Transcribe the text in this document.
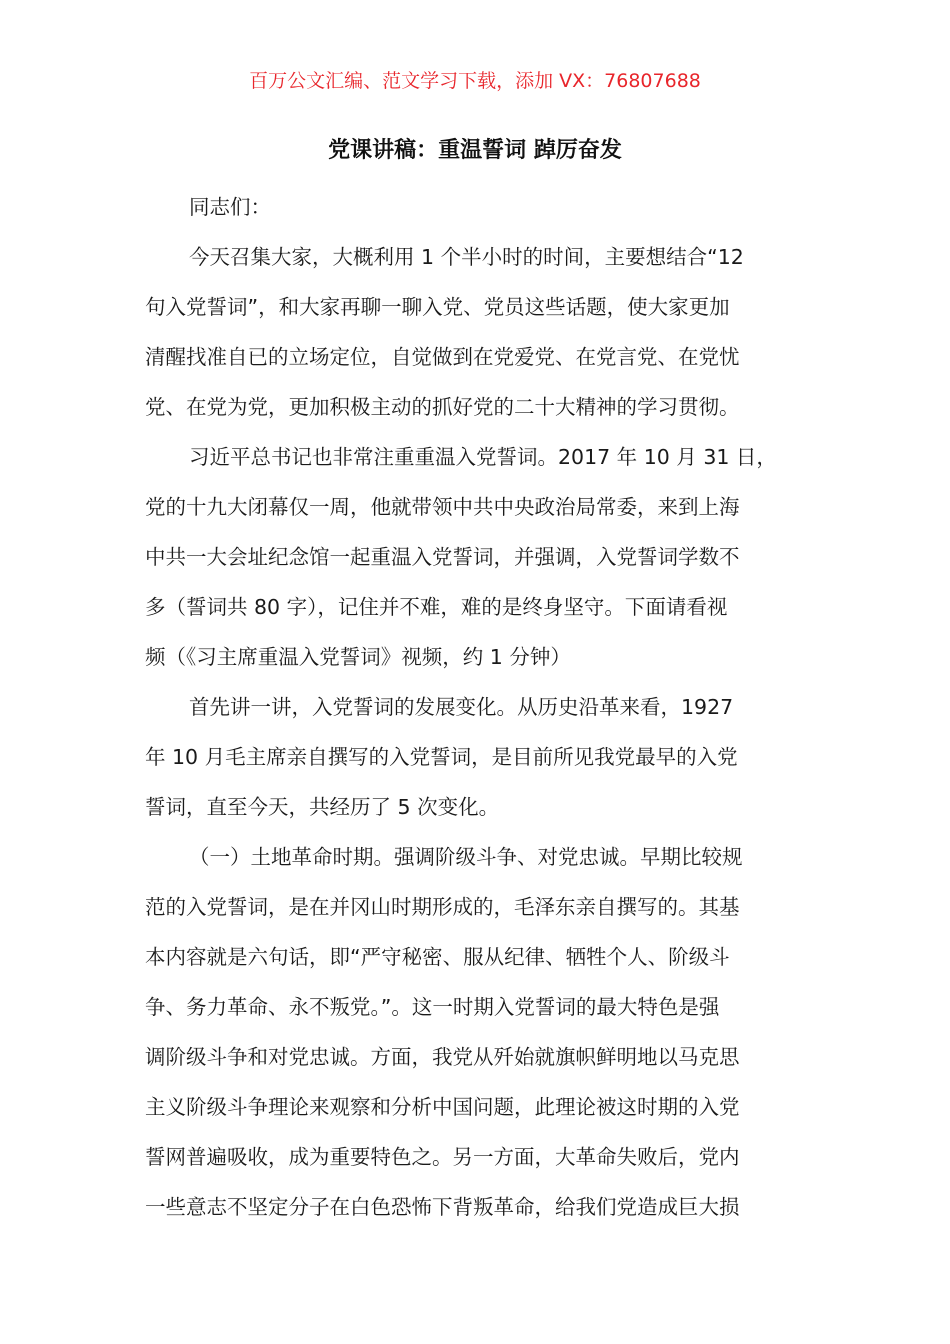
百万公文汇编、范文学习下载，添加 VX：76807688
党课讲稿：重温誓词 踔厉奋发
同志们：
今天召集大家，大概利用 1 个半小时的时间，主要想结合“12
句入党誓词”，和大家再聊一聊入党、党员这些话题，使大家更加
清醒找准自已的立场定位，自觉做到在党爱党、在党言党、在党忧
党、在党为党，更加积极主动的抓好党的二十大精神的学习贯彻。
习近平总书记也非常注重重温入党誓词。2017 年 10 月 31 日，
党的十九大闭幕仅一周，他就带领中共中央政治局常委，来到上海
中共一大会址纪念馆一起重温入党誓词，并强调，入党誓词学数不
多（誓词共 80 字），记住并不难，难的是终身坚守。下面请看视
频（《习主席重温入党誓词》视频，约 1 分钟）
首先讲一讲，入党誓词的发展变化。从历史沿革来看，1927
年 10 月毛主席亲自撰写的入党誓词，是目前所见我党最早的入党
誓词，直至今天，共经历了 5 次变化。
（一）土地革命时期。强调阶级斗争、对党忠诚。早期比较规
范的入党誓词，是在并冈山时期形成的，毛泽东亲自撰写的。其基
本内容就是六句话，即“严守秘密、服从纪律、牺牲个人、阶级斗
争、务力革命、永不叛党。”。这一时期入党誓词的最大特色是强
调阶级斗争和对党忠诚。方面，我党从歼始就旗帜鲜明地以马克思
主义阶级斗争理论来观察和分析中国问题，此理论被这时期的入党
誓网普遍吸收，成为重要特色之。另一方面，大革命失败后，党内
一些意志不坚定分子在白色恐怖下背叛革命，给我们党造成巨大损
